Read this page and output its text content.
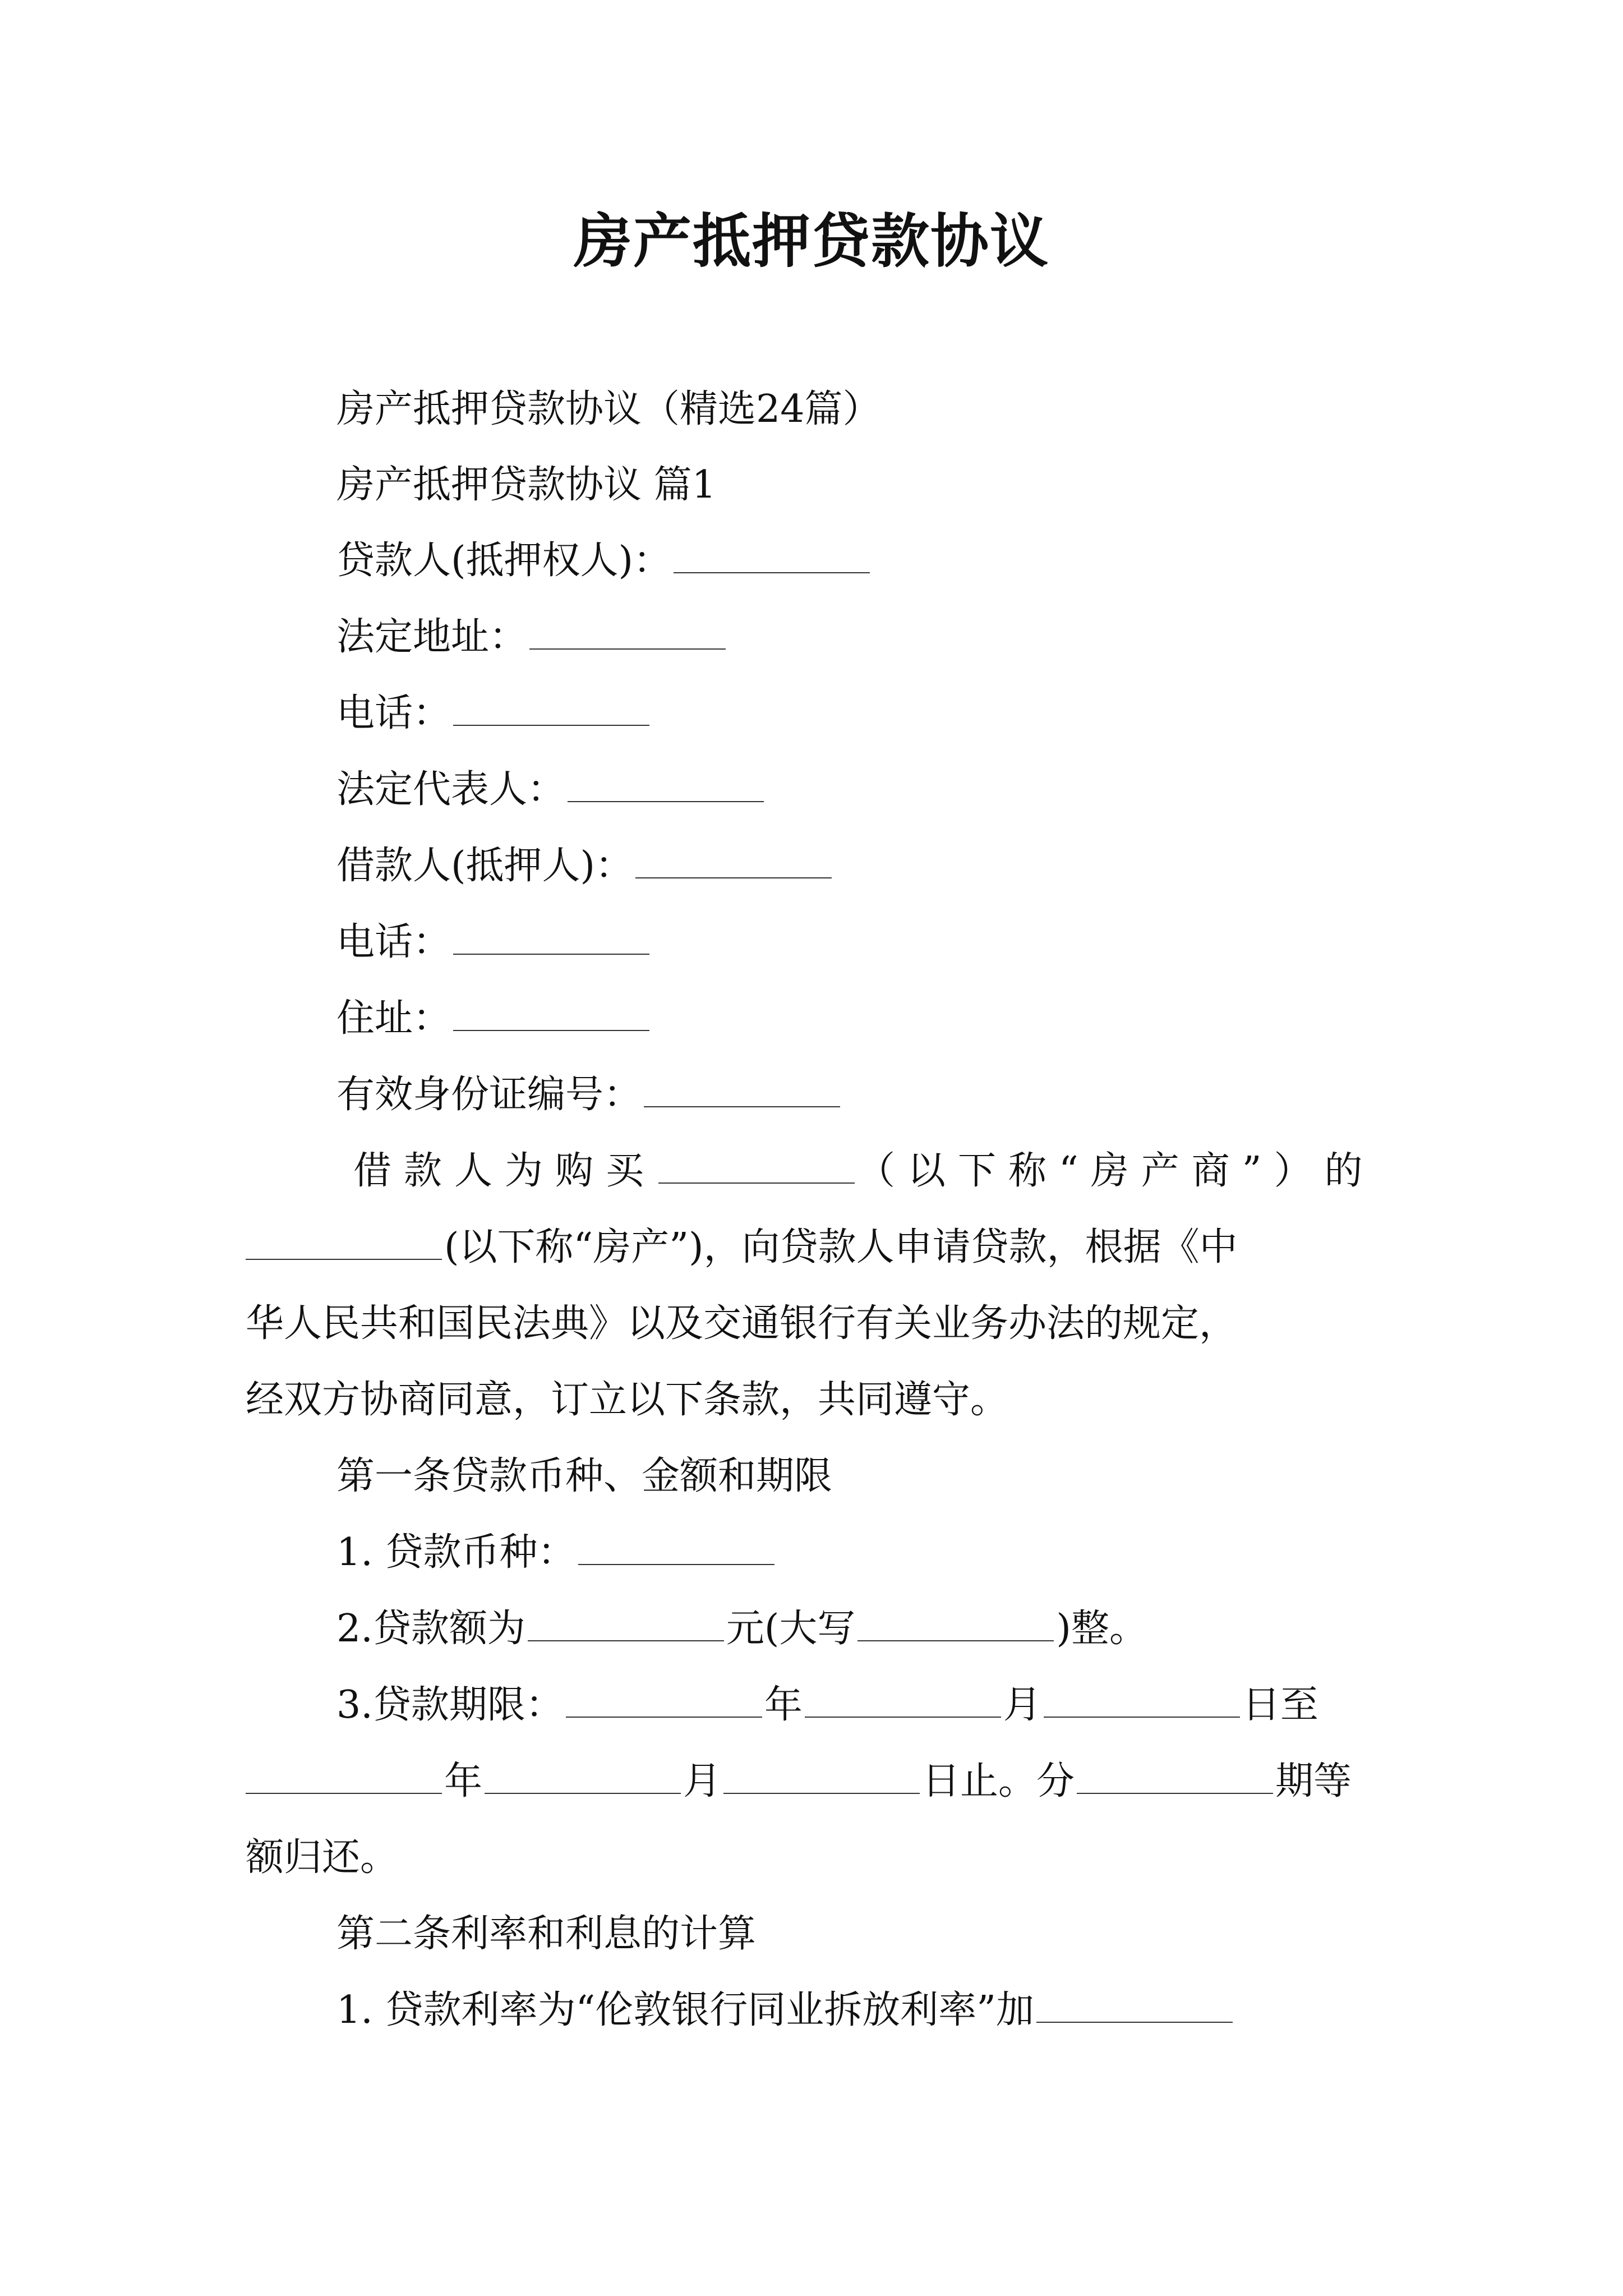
房产抵押贷款协议
房产抵押贷款协议（精选24篇）
房产抵押贷款协议 篇1
贷款人(抵押权人)：
法定地址：
电话：
法定代表人：
借款人(抵押人)：
电话：
住址：
有效身份证编号：
借款人为购买	（以下称“房产商”）的
(以下称“房产”)，向贷款人申请贷款，根据《中
华人民共和国民法典》以及交通银行有关业务办法的规定，
经双方协商同意，订立以下条款，共同遵守。
第一条贷款币种、金额和期限
1. 贷款币种：
2.贷款额为	元(大写	)整。
3.贷款期限：	年	月	日至
年	月	日止。分	期等
额归还。
第二条利率和利息的计算
1. 贷款利率为“伦敦银行同业拆放利率”加
